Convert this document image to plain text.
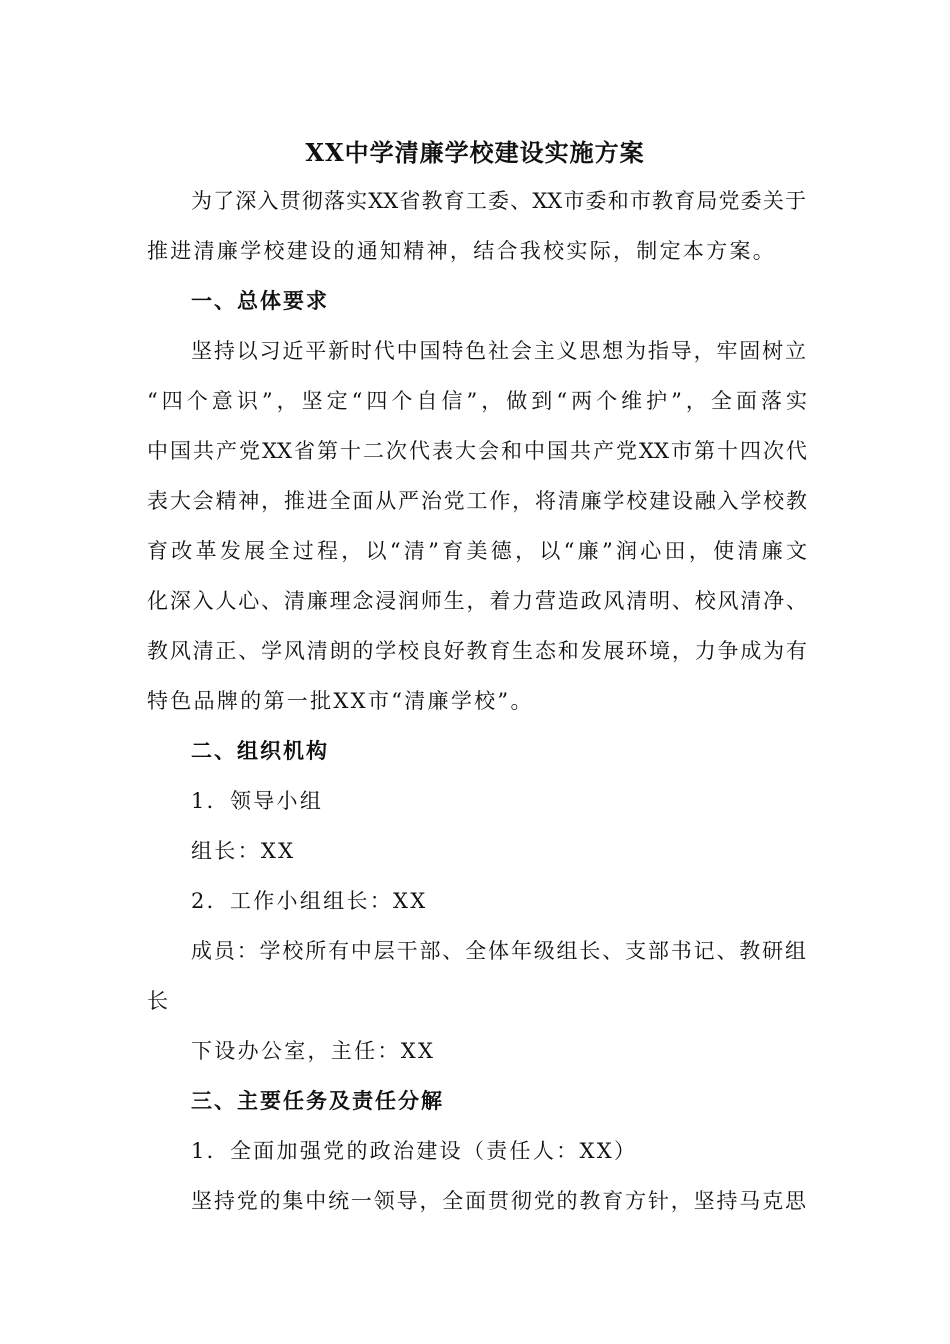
XX中学清廉学校建设实施方案
为了深入贯彻落实XX省教育工委、XX市委和市教育局党委关于
推进清廉学校建设的通知精神，结合我校实际，制定本方案。
一、总体要求
坚持以习近平新时代中国特色社会主义思想为指导，牢固树立
“四个意识”，坚定“四个自信”，做到“两个维护”，全面落实
中国共产党XX省第十二次代表大会和中国共产党XX市第十四次代
表大会精神，推进全面从严治党工作，将清廉学校建设融入学校教
育改革发展全过程，以“清”育美德，以“廉”润心田，使清廉文
化深入人心、清廉理念浸润师生，着力营造政风清明、校风清净、
教风清正、学风清朗的学校良好教育生态和发展环境，力争成为有
特色品牌的第一批XX市“清廉学校”。
二、组织机构
1．领导小组
组长：XX
2．工作小组组长：XX
成员：学校所有中层干部、全体年级组长、支部书记、教研组
长
下设办公室，主任：XX
三、主要任务及责任分解
1．全面加强党的政治建设（责任人：XX）
坚持党的集中统一领导，全面贯彻党的教育方针，坚持马克思
